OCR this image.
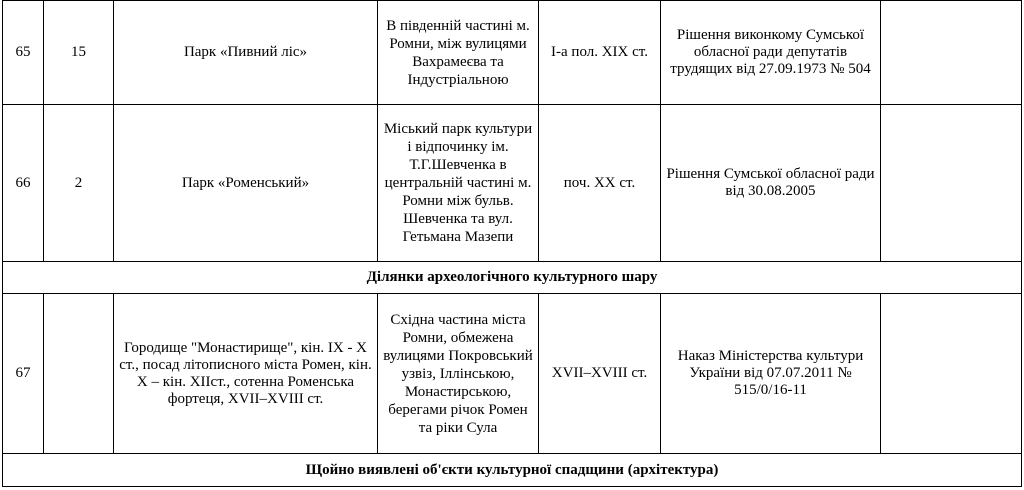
65	15	Парк «Пивний ліс»	В південній частині м. Ромни, між вулицями Вахрамеєва та Індустріальною	І-а пол. ХІХ ст.	Рішення виконкому Сумської обласної ради депутатів трудящих від 27.09.1973 № 504	
66	2	Парк «Роменський»	Міський парк культури і відпочинку ім. Т.Г.Шевченка в центральній частині м. Ромни між бульв. Шевченка та вул. Гетьмана Мазепи	поч. ХХ ст.	Рішення Сумської обласної ради від 30.08.2005	
Ділянки археологічного культурного шару						
67		Городище "Монастирище", кін. ІХ - Х ст., посад літописного міста Ромен, кін. Х – кін. ХІІст., сотенна Роменська фортеця, XVII–XVIII ст.	Східна частина міста Ромни, обмежена вулицями Покровський узвіз, Іллінською, Монастирською, берегами річок Ромен та ріки Сула	XVII–XVIII ст.	Наказ Міністерства культури України від 07.07.2011 № 515/0/16-11	
Щойно виявлені об'єкти культурної спадщини (архітектура)						
